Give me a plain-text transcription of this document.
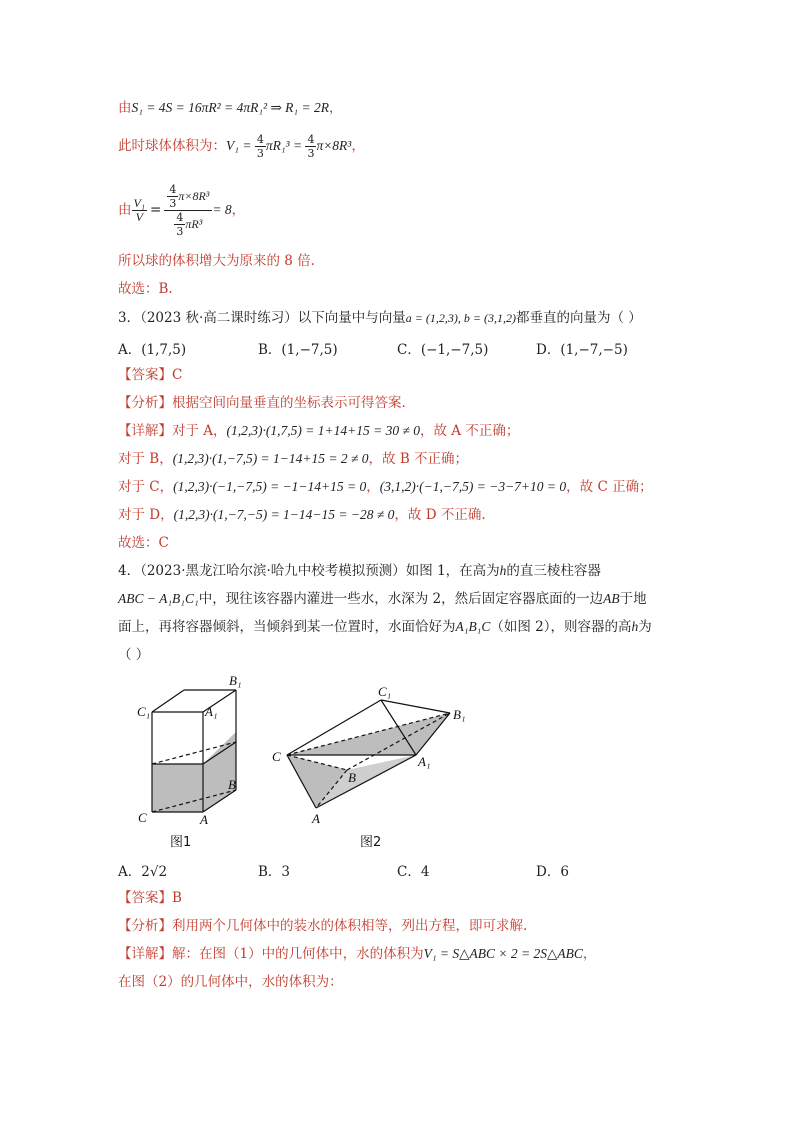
由S₁ = 4S = 16πR² = 4πR₁² ⇒ R₁ = 2R，
此时球体体积为：$V_1 = \frac{4}{3} \pi R_1^3 = \frac{4}{3} \pi\times 8R^3$，
由 $\frac{\text{V₁}}{V} = \frac{\frac{4}{3} \pi\times 8R^3}{\frac{4}{3} \pi R^3} = 8$ ，
所以球的体积增大为原来的 8 倍.
故选：B.
3．（2023 秋·高二课时练习）以下向量中与向量a = (1,2,3), b = (3,1,2)都垂直的向量为（ ）
A．(1,7,5)	B．(1,−7,5)	C．(−1,−7,5)	D．(1,−7,−5)
【答案】C
【分析】根据空间向量垂直的坐标表示可得答案.
【详解】对于 A，(1,2,3)·(1,7,5) = 1+14+15 = 30 ≠ 0，故 A 不正确；
对于 B，(1,2,3)·(1,−7,5) = 1−14+15 = 2 ≠ 0，故 B 不正确；
对于 C，(1,2,3)·(−1,−7,5) = −1−14+15 = 0，(3,1,2)·(−1,−7,5) = −3−7+10 = 0，故 C 正确；
对于 D，(1,2,3)·(1,−7,−5) = 1−14−15 = −28 ≠ 0，故 D 不正确.
故选：C
4．（2023·黑龙江哈尔滨·哈九中校考模拟预测）如图 1，在高为h的直三棱柱容器
ABC − A₁B₁C₁中，现往该容器内灌进一些水，水深为 2，然后固定容器底面的一边AB于地
面上，再将容器倾斜，当倾斜到某一位置时，水面恰好为A₁B₁C（如图 2），则容器的高h为
（ ）
B₁
C₁	A₁
B
C	A
图1
C₁
B₁
C	A₁
B
A
图2
A．2√2	B．3	C．4	D．6
【答案】B
【分析】利用两个几何体中的装水的体积相等，列出方程，即可求解.
【详解】解：在图（1）中的几何体中，水的体积为V₁ = S△ABC × 2 = 2S△ABC，
在图（2）的几何体中，水的体积为：
